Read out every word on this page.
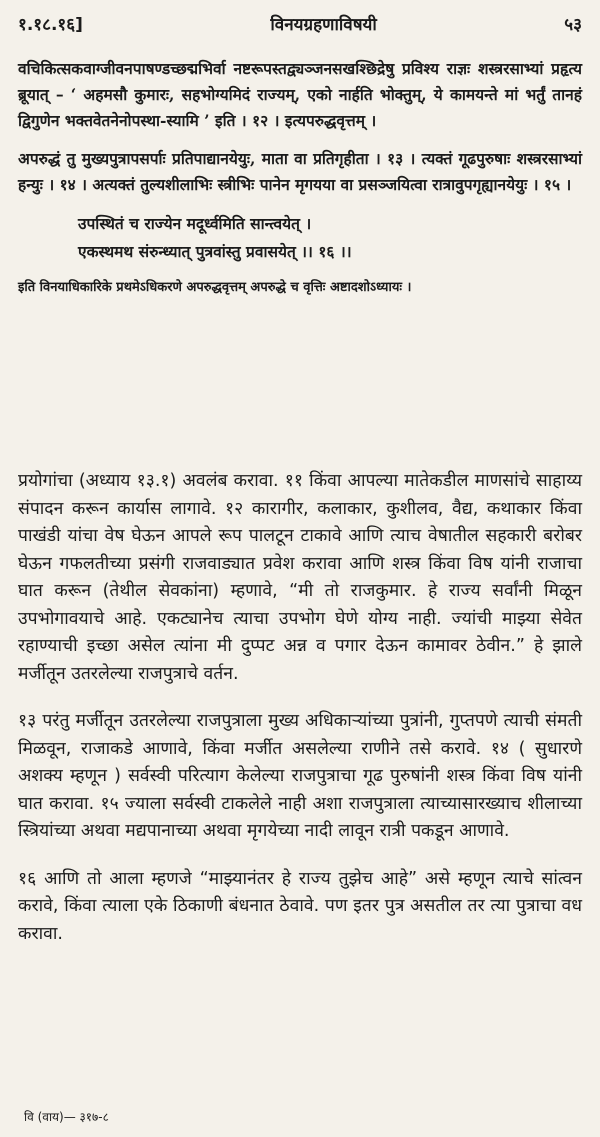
१.१८.१६]	विनयग्रहणाविषयी	५३

वचिकित्सकवाग्जीवनपाषण्डच्छद्मभिर्वा नष्टरूपस्तद्व्यञ्जनसखश्छिद्रेषु प्रविश्य राज्ञः शस्त्ररसाभ्यां प्रहृत्य ब्रूयात् – ‘ अहमसौ कुमारः, सहभोग्यमिदं राज्यम्, एको नार्हति भोक्तुम्, ये कामयन्ते मां भर्तुं तानहं द्विगुणेन भक्तवेतनेनोपस्था-स्यामि ’ इति । १२ । इत्यपरुद्धवृत्तम् ।

अपरुद्धं तु मुख्यपुत्रापसर्पाः प्रतिपाद्यानयेयुः, माता वा प्रतिगृहीता । १३ । त्यक्तं गूढपुरुषाः शस्त्ररसाभ्यां हन्युः । १४ । अत्यक्तं तुल्यशीलाभिः स्त्रीभिः पानेन मृगयया वा प्रसञ्जयित्वा रात्रावुपगृह्यानयेयुः । १५ ।

उपस्थितं च राज्येन मदूर्ध्वमिति सान्त्वयेत् ।

एकस्थमथ संरुन्ध्यात् पुत्रवांस्तु प्रवासयेत् ।। १६ ।।

इति विनयाधिकारिके प्रथमेऽधिकरणे अपरुद्धवृत्तम् अपरुद्धे च वृत्तिः अष्टादशोऽध्यायः ।

प्रयोगांचा (अध्याय १३.१) अवलंब करावा. ११ किंवा आपल्या मातेकडील माणसांचे साहाय्य संपादन करून कार्यास लागावे. १२ कारागीर, कलाकार, कुशीलव, वैद्य, कथाकार किंवा पाखंडी यांचा वेष घेऊन आपले रूप पालटून टाकावे आणि त्याच वेषातील सहकारी बरोबर घेऊन गफलतीच्या प्रसंगी राजवाड्यात प्रवेश करावा आणि शस्त्र किंवा विष यांनी राजाचा घात करून (तेथील सेवकांना) म्हणावे, “मी तो राजकुमार. हे राज्य सर्वांनी मिळून उपभोगावयाचे आहे. एकट्यानेच त्याचा उपभोग घेणे योग्य नाही. ज्यांची माझ्या सेवेत रहाण्याची इच्छा असेल त्यांना मी दुप्पट अन्न व पगार देऊन कामावर ठेवीन.” हे झाले मर्जीतून उतरलेल्या राजपुत्राचे वर्तन.

१३ परंतु मर्जीतून उतरलेल्या राजपुत्राला मुख्य अधिकाऱ्यांच्या पुत्रांनी, गुप्तपणे त्याची संमती मिळवून, राजाकडे आणावे, किंवा मर्जीत असलेल्या राणीने तसे करावे. १४ ( सुधारणे अशक्य म्हणून ) सर्वस्वी परित्याग केलेल्या राजपुत्राचा गूढ पुरुषांनी शस्त्र किंवा विष यांनी घात करावा. १५ ज्याला सर्वस्वी टाकलेले नाही अशा राजपुत्राला त्याच्यासारख्याच शीलाच्या स्त्रियांच्या अथवा मद्यपानाच्या अथवा मृगयेच्या नादी लावून रात्री पकडून आणावे.

१६ आणि तो आला म्हणजे “माझ्यानंतर हे राज्य तुझेच आहे” असे म्हणून त्याचे सांत्वन करावे, किंवा त्याला एके ठिकाणी बंधनात ठेवावे. पण इतर पुत्र असतील तर त्या पुत्राचा वध करावा.

वि (वाय)— ३१७-८
